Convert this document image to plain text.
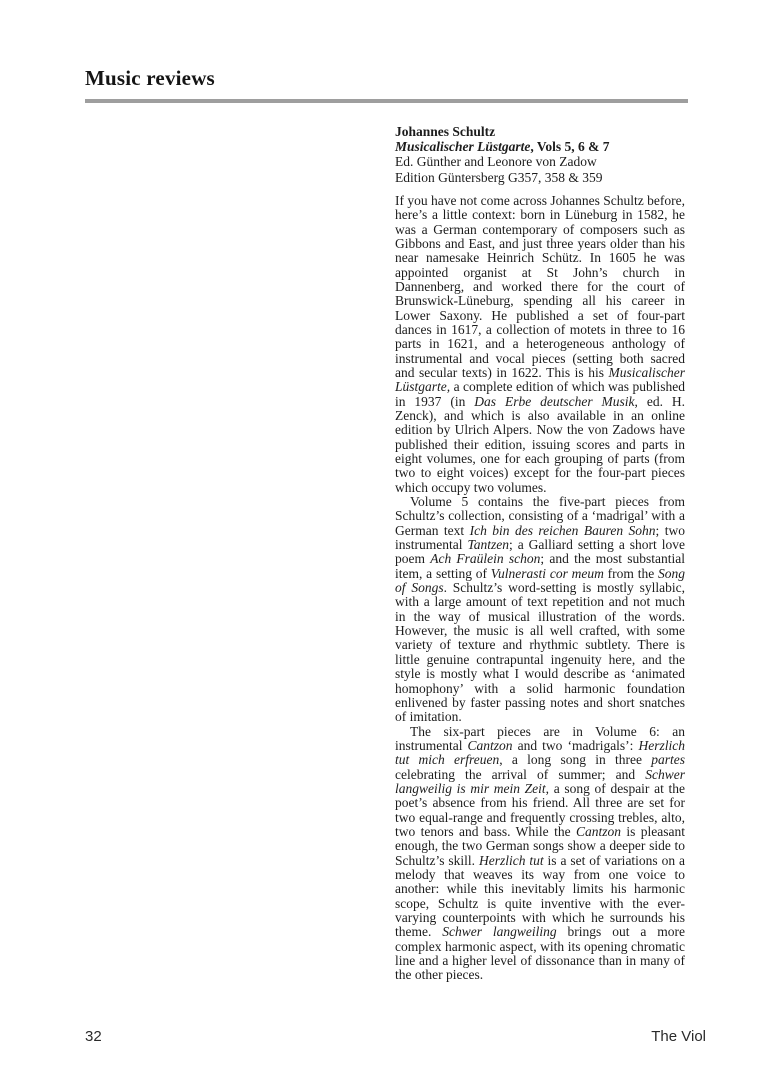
Music reviews
Johannes Schultz
Musicalischer Lüstgarte, Vols 5, 6 & 7
Ed. Günther and Leonore von Zadow
Edition Güntersberg G357, 358 & 359

If you have not come across Johannes Schultz before, here’s a little context: born in Lüneburg in 1582, he was a German contemporary of composers such as Gibbons and East, and just three years older than his near namesake Heinrich Schütz. In 1605 he was appointed organist at St John’s church in Dannenberg, and worked there for the court of Brunswick-Lüneburg, spending all his career in Lower Saxony. He published a set of four-part dances in 1617, a collection of motets in three to 16 parts in 1621, and a heterogeneous anthology of instrumental and vocal pieces (setting both sacred and secular texts) in 1622. This is his Musicalischer Lüstgarte, a complete edition of which was published in 1937 (in Das Erbe deutscher Musik, ed. H. Zenck), and which is also available in an online edition by Ulrich Alpers. Now the von Zadows have published their edition, issuing scores and parts in eight volumes, one for each grouping of parts (from two to eight voices) except for the four-part pieces which occupy two volumes.

Volume 5 contains the five-part pieces from Schultz’s collection, consisting of a ‘madrigal’ with a German text Ich bin des reichen Bauren Sohn; two instrumental Tantzen; a Galliard setting a short love poem Ach Fraülein schon; and the most substantial item, a setting of Vulnerasti cor meum from the Song of Songs. Schultz’s word-setting is mostly syllabic, with a large amount of text repetition and not much in the way of musical illustration of the words. However, the music is all well crafted, with some variety of texture and rhythmic subtlety. There is little genuine contrapuntal ingenuity here, and the style is mostly what I would describe as ‘animated homophony’ with a solid harmonic foundation enlivened by faster passing notes and short snatches of imitation.

The six-part pieces are in Volume 6: an instrumental Cantzon and two ‘madrigals’: Herzlich tut mich erfreuen, a long song in three partes celebrating the arrival of summer; and Schwer langweilig is mir mein Zeit, a song of despair at the poet’s absence from his friend. All three are set for two equal-range and frequently crossing trebles, alto, two tenors and bass. While the Cantzon is pleasant enough, the two German songs show a deeper side to Schultz’s skill. Herzlich tut is a set of variations on a melody that weaves its way from one voice to another: while this inevitably limits his harmonic scope, Schultz is quite inventive with the ever-varying counterpoints with which he surrounds his theme. Schwer langweiling brings out a more complex harmonic aspect, with its opening chromatic line and a higher level of dissonance than in many of the other pieces.

32	The Viol
